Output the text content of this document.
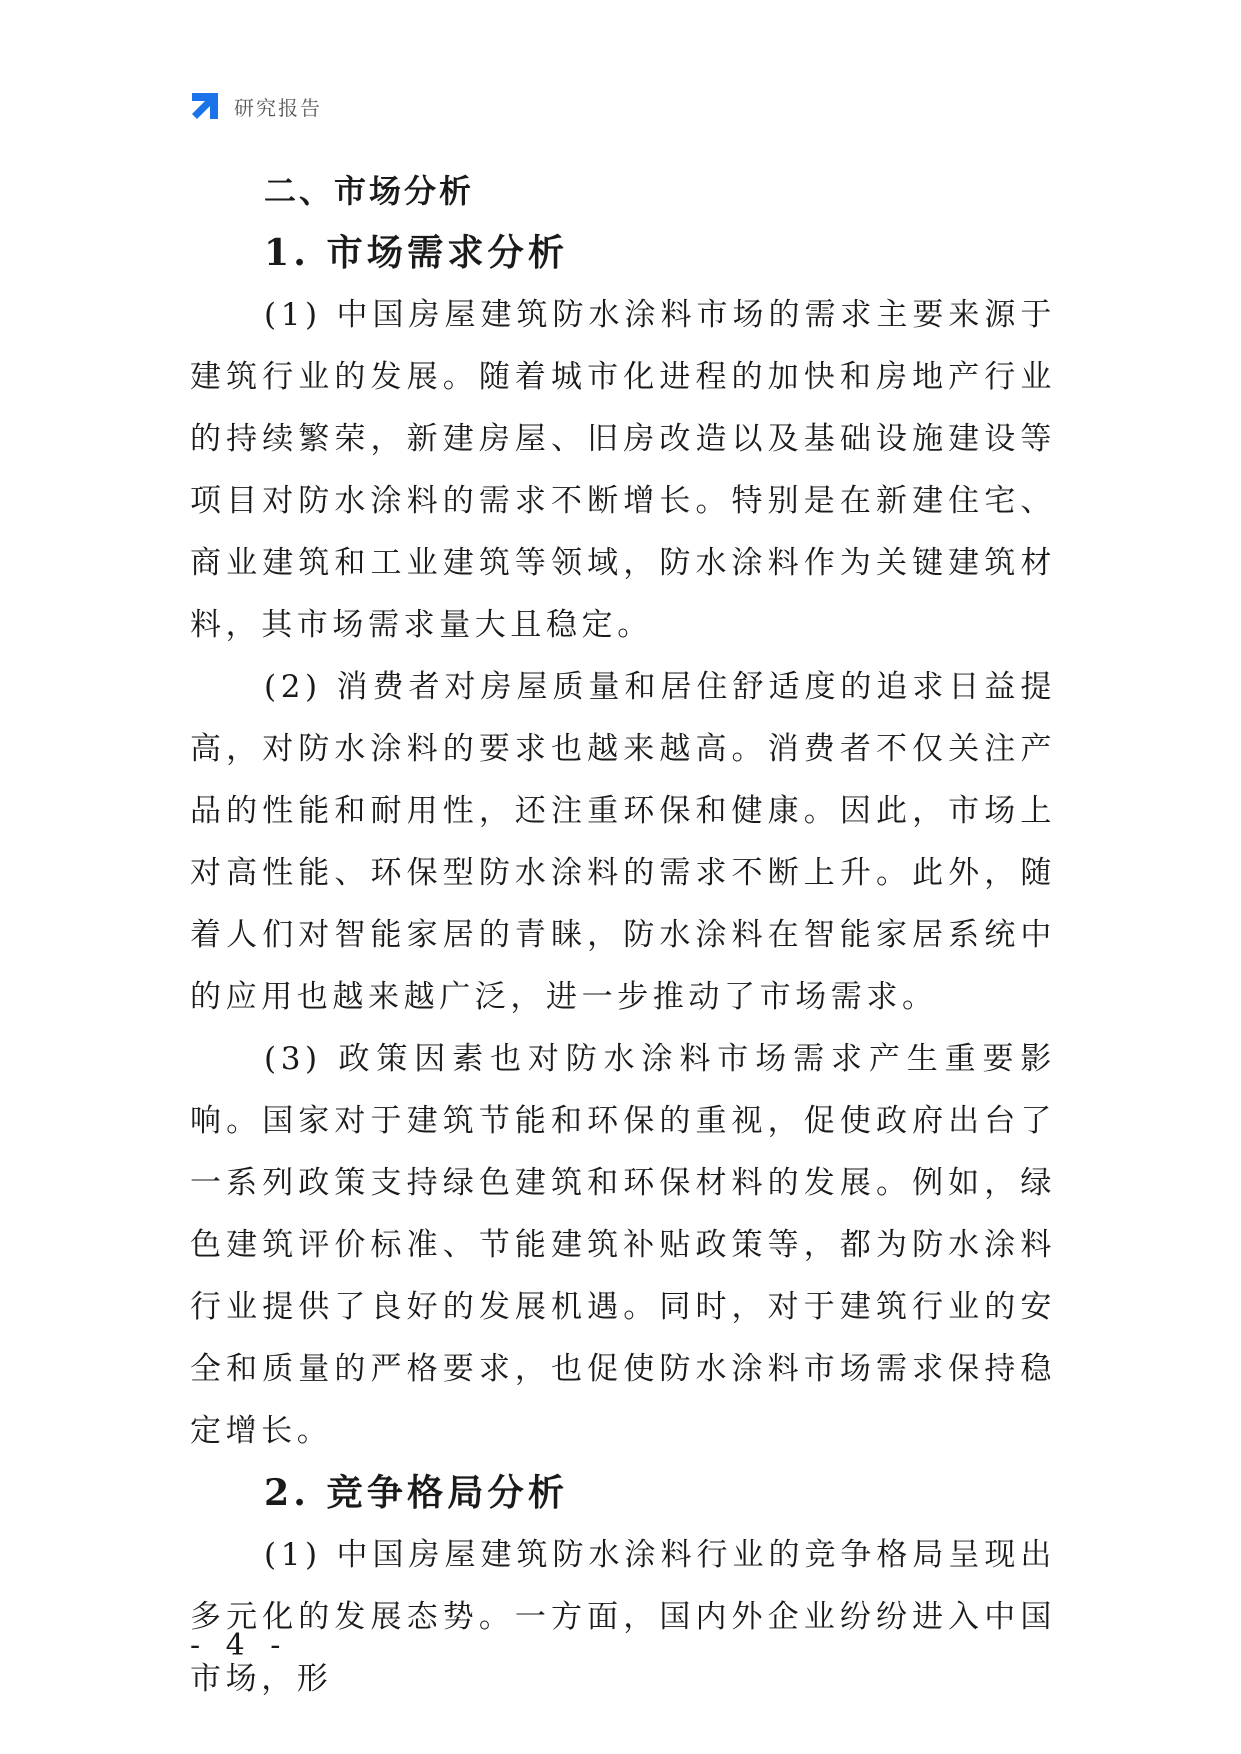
研究报告
二、市场分析
1. 市场需求分析

(1) 中国房屋建筑防水涂料市场的需求主要来源于建筑行业的发展。随着城市化进程的加快和房地产行业的持续繁荣，新建房屋、旧房改造以及基础设施建设等项目对防水涂料的需求不断增长。特别是在新建住宅、商业建筑和工业建筑等领域，防水涂料作为关键建筑材料，其市场需求量大且稳定。

(2) 消费者对房屋质量和居住舒适度的追求日益提高，对防水涂料的要求也越来越高。消费者不仅关注产品的性能和耐用性，还注重环保和健康。因此，市场上对高性能、环保型防水涂料的需求不断上升。此外，随着人们对智能家居的青睐，防水涂料在智能家居系统中的应用也越来越广泛，进一步推动了市场需求。

(3) 政策因素也对防水涂料市场需求产生重要影响。国家对于建筑节能和环保的重视，促使政府出台了一系列政策支持绿色建筑和环保材料的发展。例如，绿色建筑评价标准、节能建筑补贴政策等，都为防水涂料行业提供了良好的发展机遇。同时，对于建筑行业的安全和质量的严格要求，也促使防水涂料市场需求保持稳定增长。

2. 竞争格局分析

(1) 中国房屋建筑防水涂料行业的竞争格局呈现出多元化的发展态势。一方面，国内外企业纷纷进入中国市场，形

- 4 -
